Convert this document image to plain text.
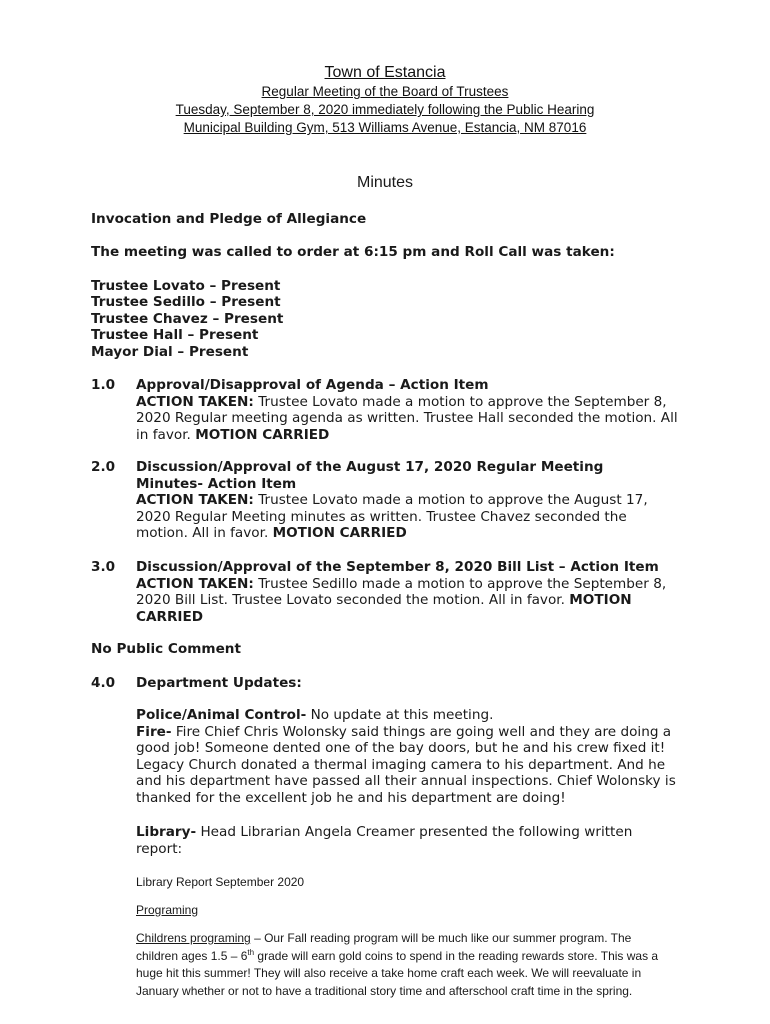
Town of Estancia
Regular Meeting of the Board of Trustees
Tuesday, September 8, 2020 immediately following the Public Hearing
Municipal Building Gym, 513 Williams Avenue, Estancia, NM 87016
Minutes
Invocation and Pledge of Allegiance
The meeting was called to order at 6:15 pm and Roll Call was taken:
Trustee Lovato – Present
Trustee Sedillo – Present
Trustee Chavez – Present
Trustee Hall – Present
Mayor Dial – Present
1.0 Approval/Disapproval of Agenda – Action Item
ACTION TAKEN: Trustee Lovato made a motion to approve the September 8, 2020 Regular meeting agenda as written. Trustee Hall seconded the motion. All in favor. MOTION CARRIED
2.0 Discussion/Approval of the August 17, 2020 Regular Meeting Minutes- Action Item
ACTION TAKEN: Trustee Lovato made a motion to approve the August 17, 2020 Regular Meeting minutes as written. Trustee Chavez seconded the motion. All in favor. MOTION CARRIED
3.0 Discussion/Approval of the September 8, 2020 Bill List – Action Item
ACTION TAKEN: Trustee Sedillo made a motion to approve the September 8, 2020 Bill List. Trustee Lovato seconded the motion. All in favor. MOTION CARRIED
No Public Comment
4.0 Department Updates:
Police/Animal Control- No update at this meeting.
Fire- Fire Chief Chris Wolonsky said things are going well and they are doing a good job! Someone dented one of the bay doors, but he and his crew fixed it! Legacy Church donated a thermal imaging camera to his department. And he and his department have passed all their annual inspections. Chief Wolonsky is thanked for the excellent job he and his department are doing!
Library- Head Librarian Angela Creamer presented the following written report:
Library Report September 2020
Programing
Childrens programing – Our Fall reading program will be much like our summer program. The children ages 1.5 – 6th grade will earn gold coins to spend in the reading rewards store. This was a huge hit this summer! They will also receive a take home craft each week. We will reevaluate in January whether or not to have a traditional story time and afterschool craft time in the spring.
